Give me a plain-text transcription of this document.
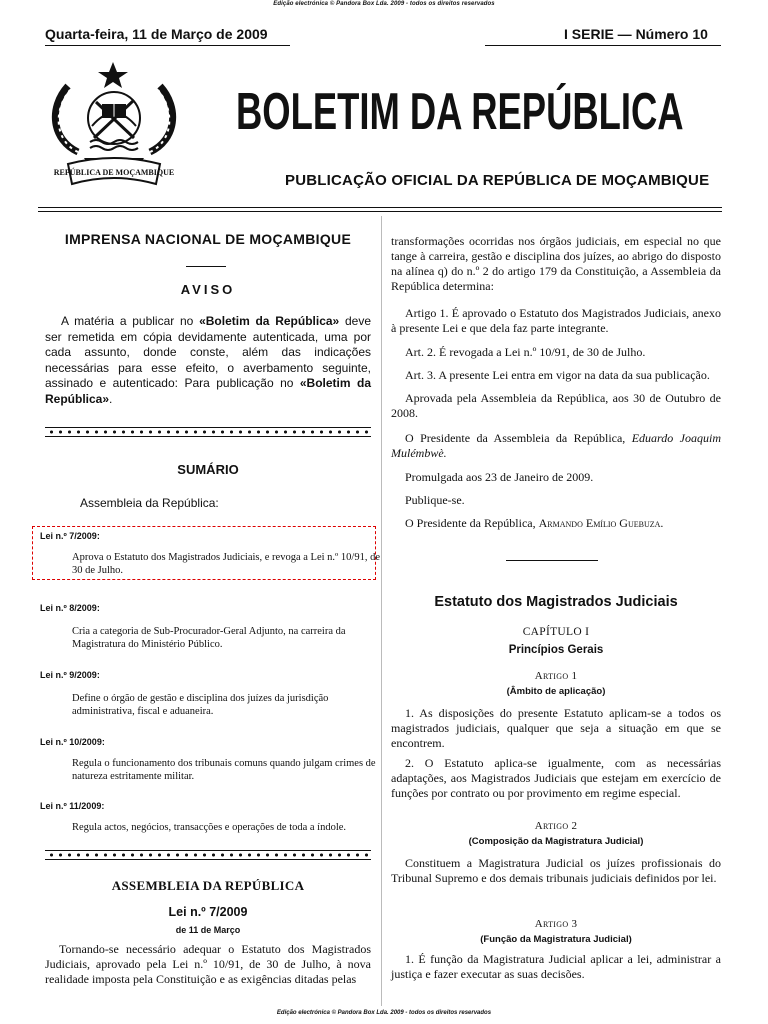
Edição electrónica © Pandora Box Lda. 2009 - todos os direitos reservados
Quarta-feira, 11 de Março de 2009	I SERIE — Número 10
REPÚBLICA DE MOÇAMBIQUE
BOLETIM DA REPÚBLICA
PUBLICAÇÃO OFICIAL DA REPÚBLICA DE MOÇAMBIQUE
IMPRENSA NACIONAL DE MOÇAMBIQUE
AVISO
A matéria a publicar no «Boletim da República» deve ser remetida em cópia devidamente autenticada, uma por cada assunto, donde conste, além das indicações necessárias para esse efeito, o averbamento seguinte, assinado e autenticado: Para publicação no «Boletim da República».
SUMÁRIO
Assembleia da República:
Lei n.º 7/2009:
Aprova o Estatuto dos Magistrados Judiciais, e revoga a Lei n.º 10/91, de 30 de Julho.
Lei n.º 8/2009:
Cria a categoria de Sub-Procurador-Geral Adjunto, na carreira da Magistratura do Ministério Público.
Lei n.º 9/2009:
Define o órgão de gestão e disciplina dos juízes da jurisdição administrativa, fiscal e aduaneira.
Lei n.º 10/2009:
Regula o funcionamento dos tribunais comuns quando julgam crimes de natureza estritamente militar.
Lei n.º 11/2009:
Regula actos, negócios, transacções e operações de toda a índole.
ASSEMBLEIA DA REPÚBLICA
Lei n.º 7/2009
de 11 de Março
Tornando-se necessário adequar o Estatuto dos Magistrados Judiciais, aprovado pela Lei n.º 10/91, de 30 de Julho, à nova realidade imposta pela Constituição e as exigências ditadas pelas
transformações ocorridas nos órgãos judiciais, em especial no que tange à carreira, gestão e disciplina dos juízes, ao abrigo do disposto na alínea q) do n.º 2 do artigo 179 da Constituição, a Assembleia da República determina:
Artigo 1. É aprovado o Estatuto dos Magistrados Judiciais, anexo à presente Lei e que dela faz parte integrante.
Art. 2. É revogada a Lei n.º 10/91, de 30 de Julho.
Art. 3. A presente Lei entra em vigor na data da sua publicação.
Aprovada pela Assembleia da República, aos 30 de Outubro de 2008.
O Presidente da Assembleia da República, Eduardo Joaquim Mulémbwè.
Promulgada aos 23 de Janeiro de 2009.
Publique-se.
O Presidente da República, Armando Emílio Guebuza.
Estatuto dos Magistrados Judiciais
CAPÍTULO I
Princípios Gerais
Artigo 1
(Âmbito de aplicação)
1. As disposições do presente Estatuto aplicam-se a todos os magistrados judiciais, qualquer que seja a situação em que se encontrem.
2. O Estatuto aplica-se igualmente, com as necessárias adaptações, aos Magistrados Judiciais que estejam em exercício de funções por contrato ou por provimento em regime especial.
Artigo 2
(Composição da Magistratura Judicial)
Constituem a Magistratura Judicial os juízes profissionais do Tribunal Supremo e dos demais tribunais judiciais definidos por lei.
Artigo 3
(Função da Magistratura Judicial)
1. É função da Magistratura Judicial aplicar a lei, administrar a justiça e fazer executar as suas decisões.
Edição electrónica © Pandora Box Lda. 2009 - todos os direitos reservados
